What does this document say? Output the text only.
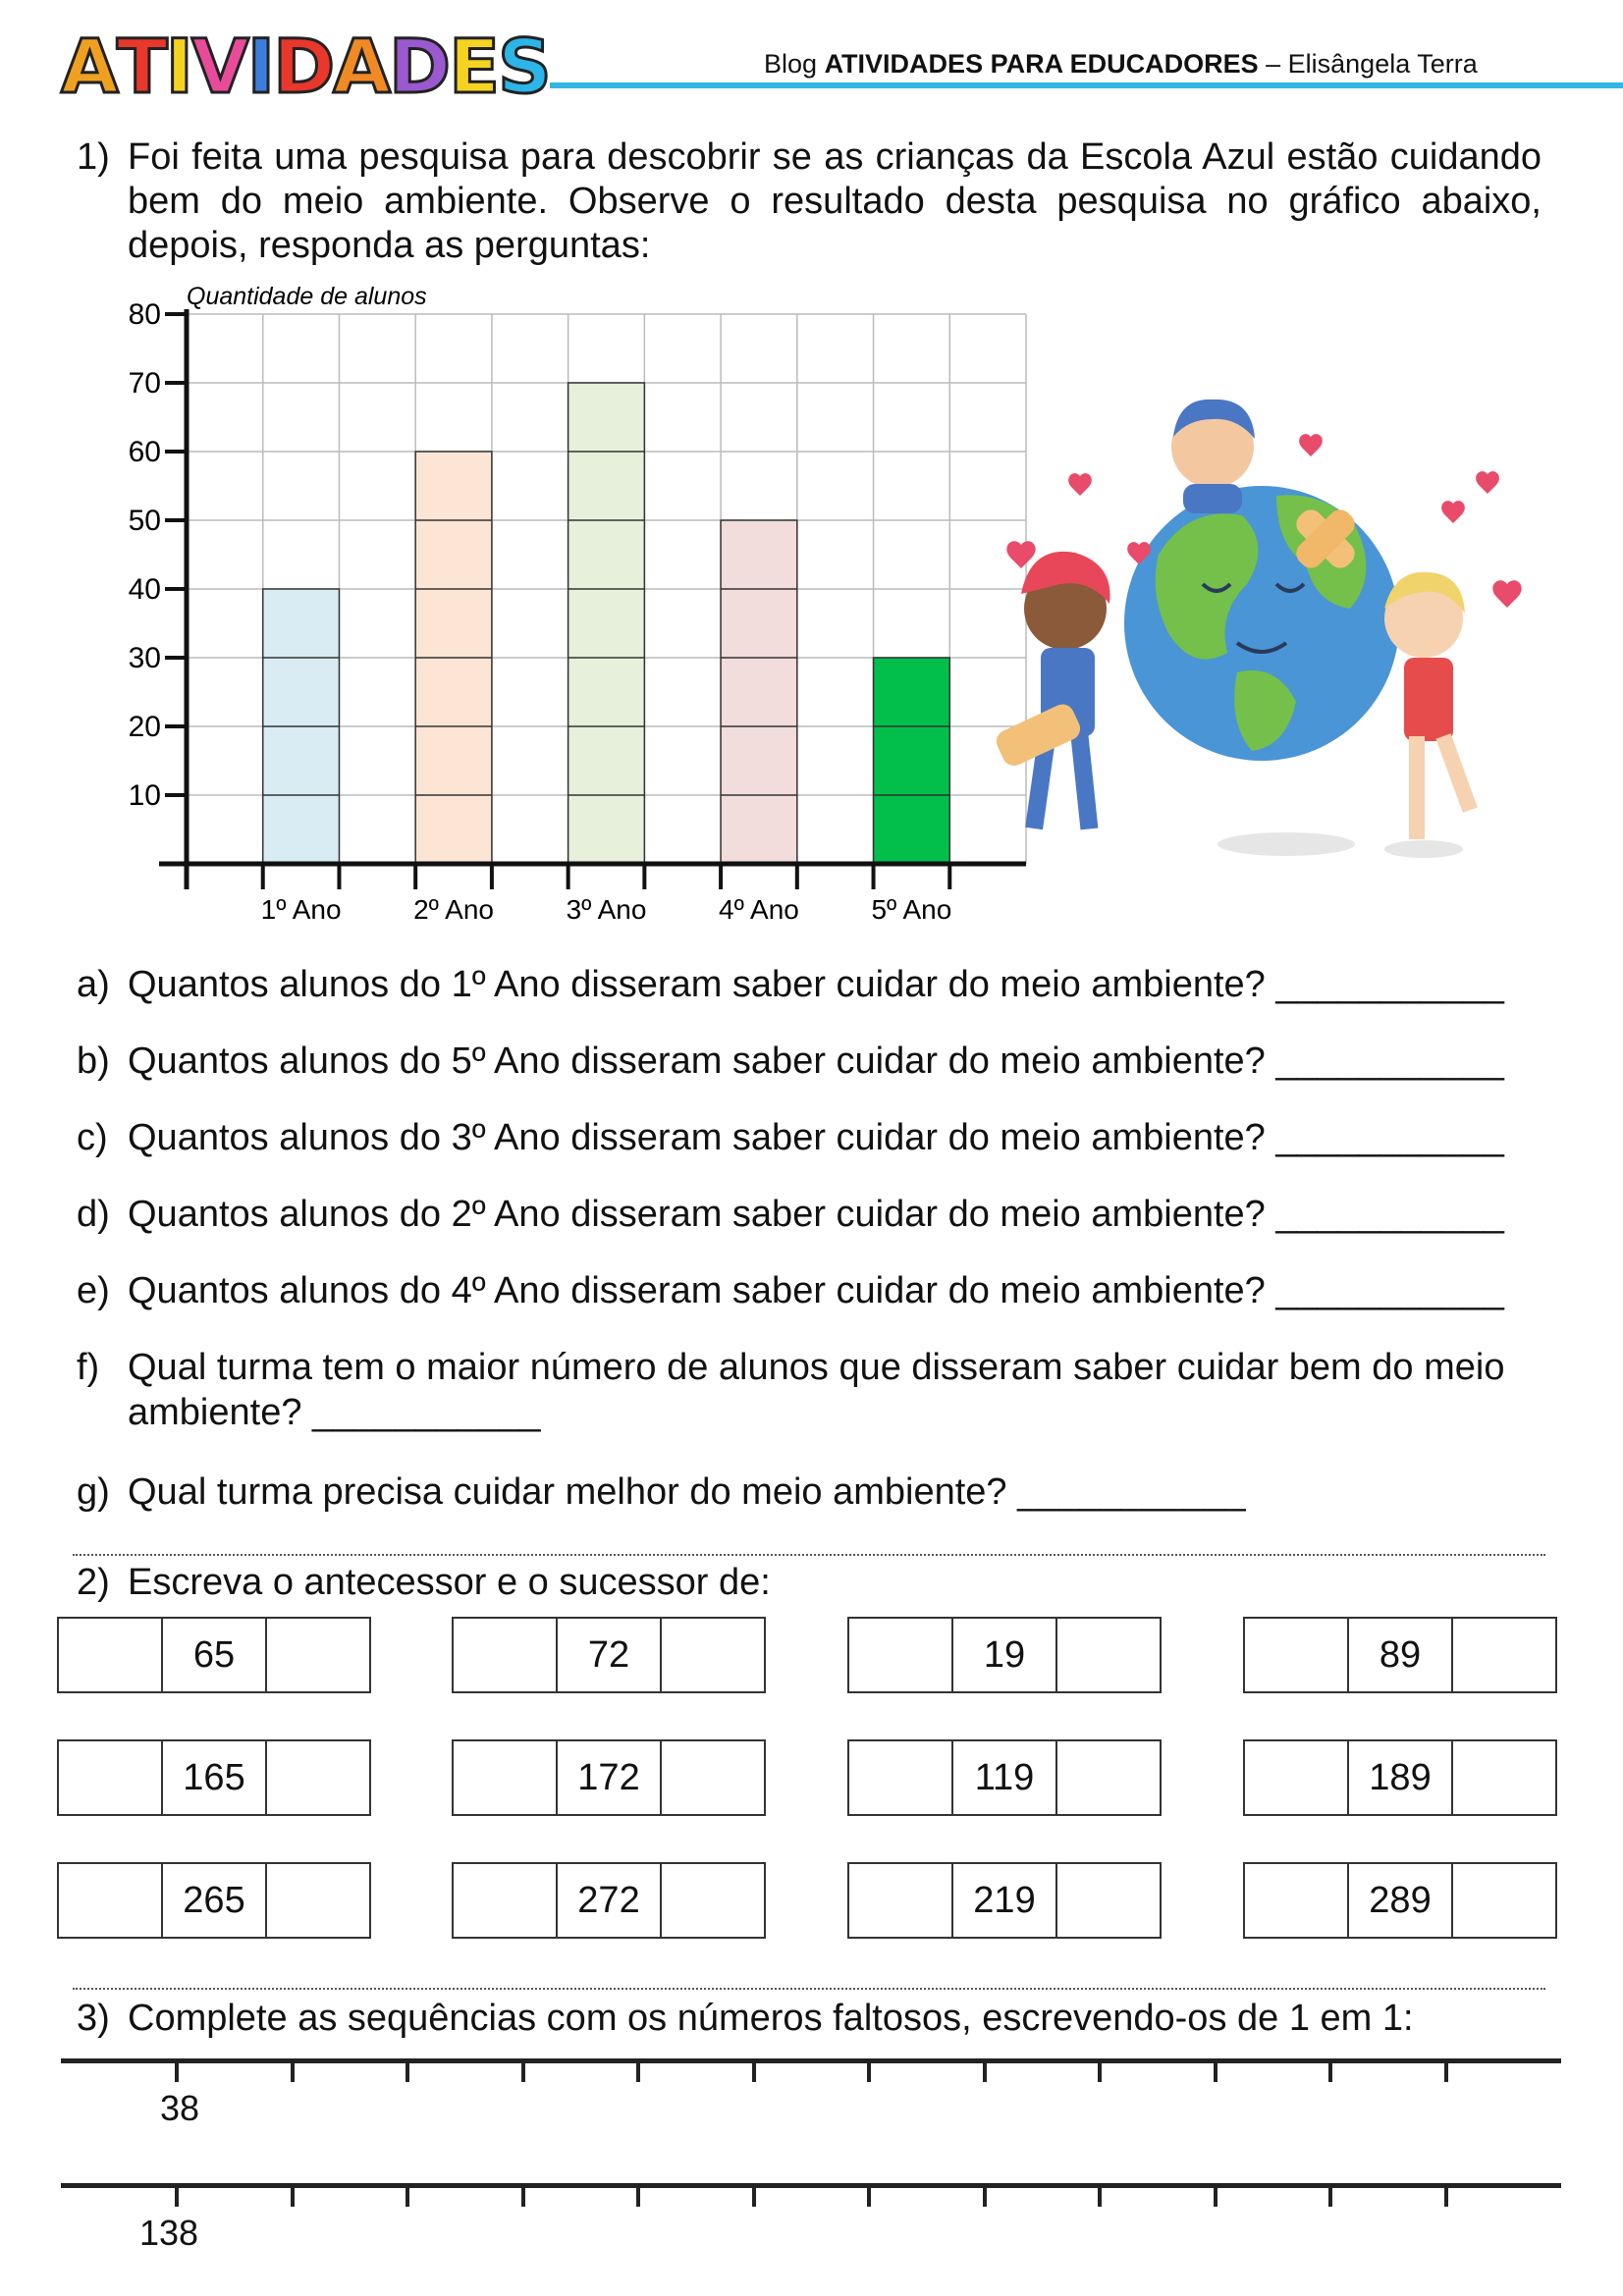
A T I V I D A D E S	Blog ATIVIDADES PARA EDUCADORES – Elisângela Terra
1) Foi feita uma pesquisa para descobrir se as crianças da Escola Azul estão cuidando bem do meio ambiente. Observe o resultado desta pesquisa no gráfico abaixo, depois, responda as perguntas:
1º Ano	2º Ano	3º Ano	4º Ano	5º Ano
10
20
30
40
50
60
70
80
Quantidade de alunos
a) Quantos alunos do 1º Ano disseram saber cuidar do meio ambiente? ___________
b) Quantos alunos do 5º Ano disseram saber cuidar do meio ambiente? ___________
c) Quantos alunos do 3º Ano disseram saber cuidar do meio ambiente? ___________
d) Quantos alunos do 2º Ano disseram saber cuidar do meio ambiente? ___________
e) Quantos alunos do 4º Ano disseram saber cuidar do meio ambiente? ___________
f) Qual turma tem o maior número de alunos que disseram saber cuidar bem do meio ambiente? ___________
g) Qual turma precisa cuidar melhor do meio ambiente? ___________
2) Escreva o antecessor e o sucessor de:
65	72	19	89
165	172	119	189
265	272	219	289
3) Complete as sequências com os números faltosos, escrevendo-os de 1 em 1:
38
138
